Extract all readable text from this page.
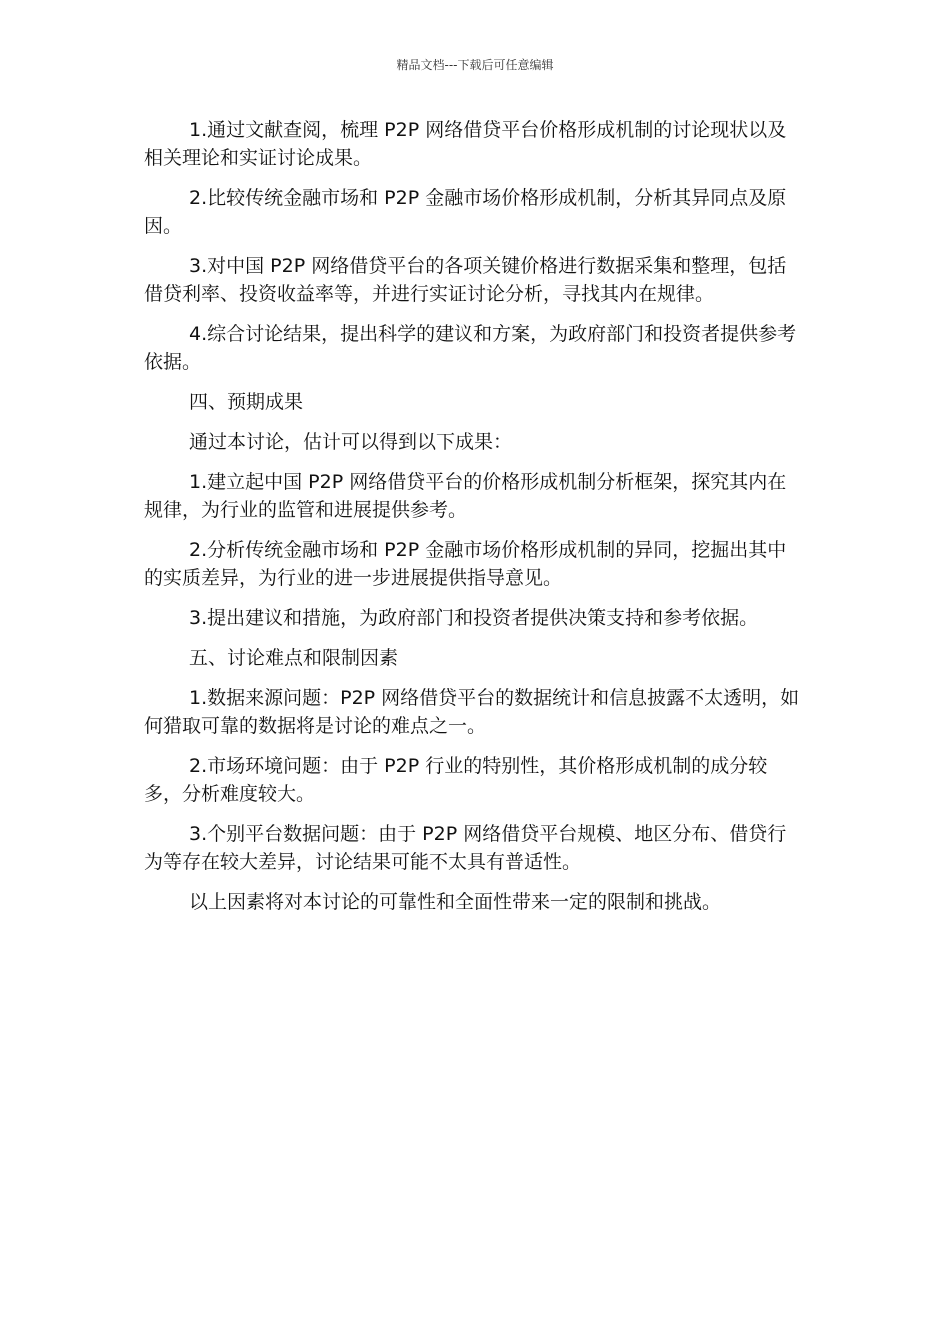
精品文档---下载后可任意编辑

1.通过文献查阅，梳理 P2P 网络借贷平台价格形成机制的讨论现状以及相关理论和实证讨论成果。

2.比较传统金融市场和 P2P 金融市场价格形成机制，分析其异同点及原因。

3.对中国 P2P 网络借贷平台的各项关键价格进行数据采集和整理，包括借贷利率、投资收益率等，并进行实证讨论分析，寻找其内在规律。

4.综合讨论结果，提出科学的建议和方案，为政府部门和投资者提供参考依据。

四、预期成果

通过本讨论，估计可以得到以下成果：

1.建立起中国 P2P 网络借贷平台的价格形成机制分析框架，探究其内在规律，为行业的监管和进展提供参考。

2.分析传统金融市场和 P2P 金融市场价格形成机制的异同，挖掘出其中的实质差异，为行业的进一步进展提供指导意见。

3.提出建议和措施，为政府部门和投资者提供决策支持和参考依据。

五、讨论难点和限制因素

1.数据来源问题：P2P 网络借贷平台的数据统计和信息披露不太透明，如何猎取可靠的数据将是讨论的难点之一。

2.市场环境问题：由于 P2P 行业的特别性，其价格形成机制的成分较多，分析难度较大。

3.个别平台数据问题：由于 P2P 网络借贷平台规模、地区分布、借贷行为等存在较大差异，讨论结果可能不太具有普适性。

以上因素将对本讨论的可靠性和全面性带来一定的限制和挑战。
